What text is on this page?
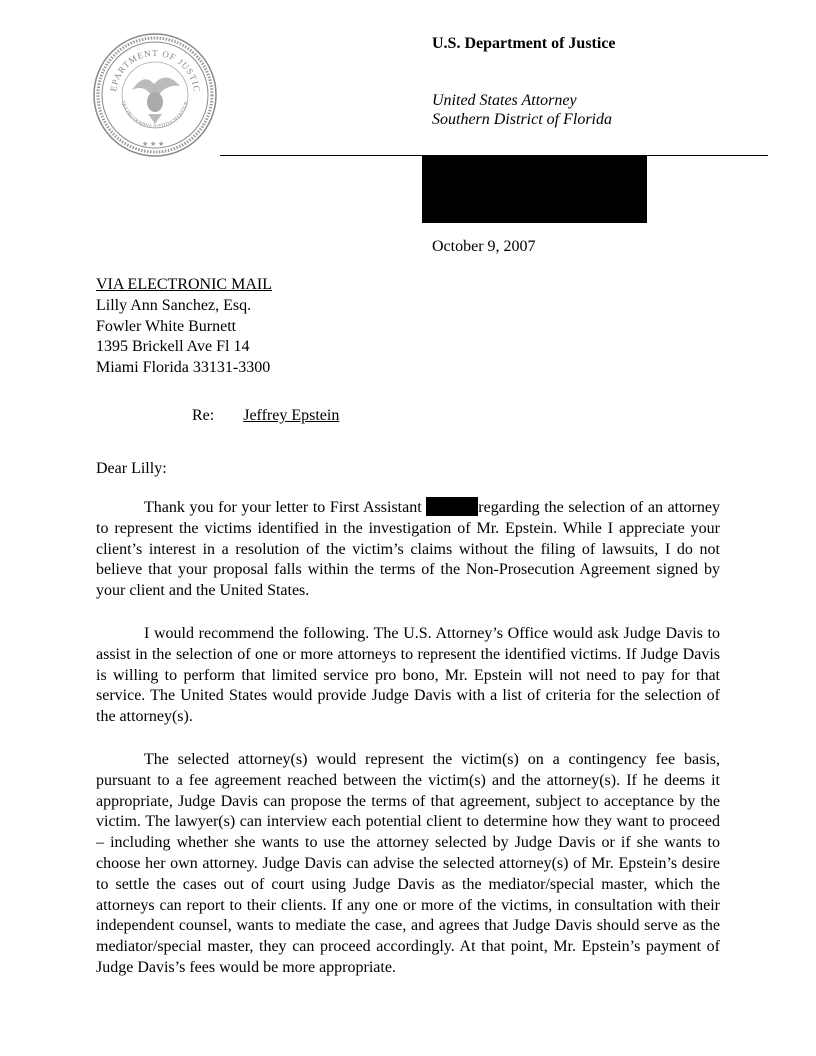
EPARTMENT OF JUSTIC
QUI PRO DOMINA JUSTITIA SEQUITUR
★ ★ ★
U.S. Department of Justice
United States Attorney
Southern District of Florida
October 9, 2007
VIA ELECTRONIC MAIL
Lilly Ann Sanchez, Esq.
Fowler White Burnett
1395 Brickell Ave Fl 14
Miami Florida 33131-3300
Re: Jeffrey Epstein
Dear Lilly:

Thank you for your letter to First Assistant	regarding the selection of an attorney to represent the victims identified in the investigation of Mr. Epstein. While I appreciate your client’s interest in a resolution of the victim’s claims without the filing of lawsuits, I do not believe that your proposal falls within the terms of the Non-Prosecution Agreement signed by your client and the United States.

I would recommend the following. The U.S. Attorney’s Office would ask Judge Davis to assist in the selection of one or more attorneys to represent the identified victims. If Judge Davis is willing to perform that limited service pro bono, Mr. Epstein will not need to pay for that service. The United States would provide Judge Davis with a list of criteria for the selection of the attorney(s).

The selected attorney(s) would represent the victim(s) on a contingency fee basis, pursuant to a fee agreement reached between the victim(s) and the attorney(s). If he deems it appropriate, Judge Davis can propose the terms of that agreement, subject to acceptance by the victim. The lawyer(s) can interview each potential client to determine how they want to proceed – including whether she wants to use the attorney selected by Judge Davis or if she wants to choose her own attorney. Judge Davis can advise the selected attorney(s) of Mr. Epstein’s desire to settle the cases out of court using Judge Davis as the mediator/special master, which the attorneys can report to their clients. If any one or more of the victims, in consultation with their independent counsel, wants to mediate the case, and agrees that Judge Davis should serve as the mediator/special master, they can proceed accordingly. At that point, Mr. Epstein’s payment of Judge Davis’s fees would be more appropriate.
